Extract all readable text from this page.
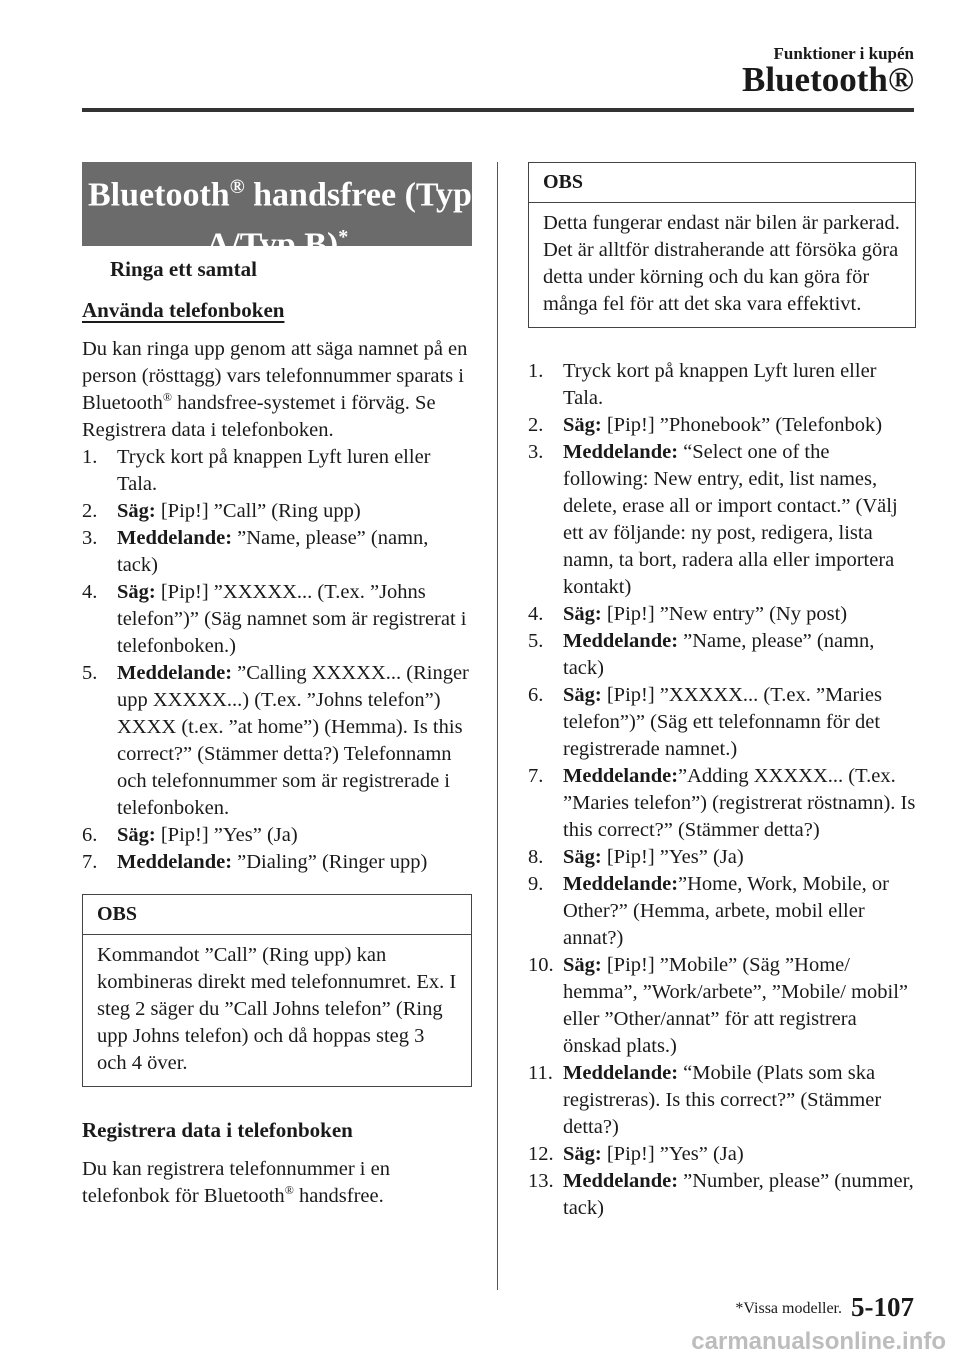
Funktioner i kupén
Bluetooth®
Bluetooth® handsfree (Typ
A/Typ B)*
Ringa ett samtal
Använda telefonboken
Du kan ringa upp genom att säga namnet på en person (rösttagg) vars telefonnummer sparats i Bluetooth® handsfree-systemet i förväg. Se Registrera data i telefonboken.
1. Tryck kort på knappen Lyft luren eller Tala.
2. Säg: [Pip!] ”Call” (Ring upp)
3. Meddelande: ”Name, please” (namn, tack)
4. Säg: [Pip!] ”XXXXX... (T.ex. ”Johns telefon”)” (Säg namnet som är registrerat i telefonboken.)
5. Meddelande: ”Calling XXXXX... (Ringer upp XXXXX...) (T.ex. ”Johns telefon”) XXXX (t.ex. ”at home”) (Hemma). Is this correct?” (Stämmer detta?) Telefonnamn och telefonnummer som är registrerade i telefonboken.
6. Säg: [Pip!] ”Yes” (Ja)
7. Meddelande: ”Dialing” (Ringer upp)
OBS
Kommandot ”Call” (Ring upp) kan kombineras direkt med telefonnumret. Ex. I steg 2 säger du ”Call Johns telefon” (Ring upp Johns telefon) och då hoppas steg 3 och 4 över.
Registrera data i telefonboken
Du kan registrera telefonnummer i en telefonbok för Bluetooth® handsfree.
OBS
Detta fungerar endast när bilen är parkerad. Det är alltför distraherande att försöka göra detta under körning och du kan göra för många fel för att det ska vara effektivt.
1. Tryck kort på knappen Lyft luren eller Tala.
2. Säg: [Pip!] ”Phonebook” (Telefonbok)
3. Meddelande: “Select one of the following: New entry, edit, list names, delete, erase all or import contact.” (Välj ett av följande: ny post, redigera, lista namn, ta bort, radera alla eller importera kontakt)
4. Säg: [Pip!] ”New entry” (Ny post)
5. Meddelande: ”Name, please” (namn, tack)
6. Säg: [Pip!] ”XXXXX... (T.ex. ”Maries telefon”)” (Säg ett telefonnamn för det registrerade namnet.)
7. Meddelande:”Adding XXXXX... (T.ex. ”Maries telefon”) (registrerat röstnamn). Is this correct?” (Stämmer detta?)
8. Säg: [Pip!] ”Yes” (Ja)
9. Meddelande:”Home, Work, Mobile, or Other?” (Hemma, arbete, mobil eller annat?)
10. Säg: [Pip!] ”Mobile” (Säg ”Home/ hemma”, ”Work/arbete”, ”Mobile/ mobil” eller ”Other/annat” för att registrera önskad plats.)
11. Meddelande: “Mobile (Plats som ska registreras). Is this correct?” (Stämmer detta?)
12. Säg: [Pip!] ”Yes” (Ja)
13. Meddelande: ”Number, please” (nummer, tack)
*Vissa modeller. 5-107
carmanualsonline.info
